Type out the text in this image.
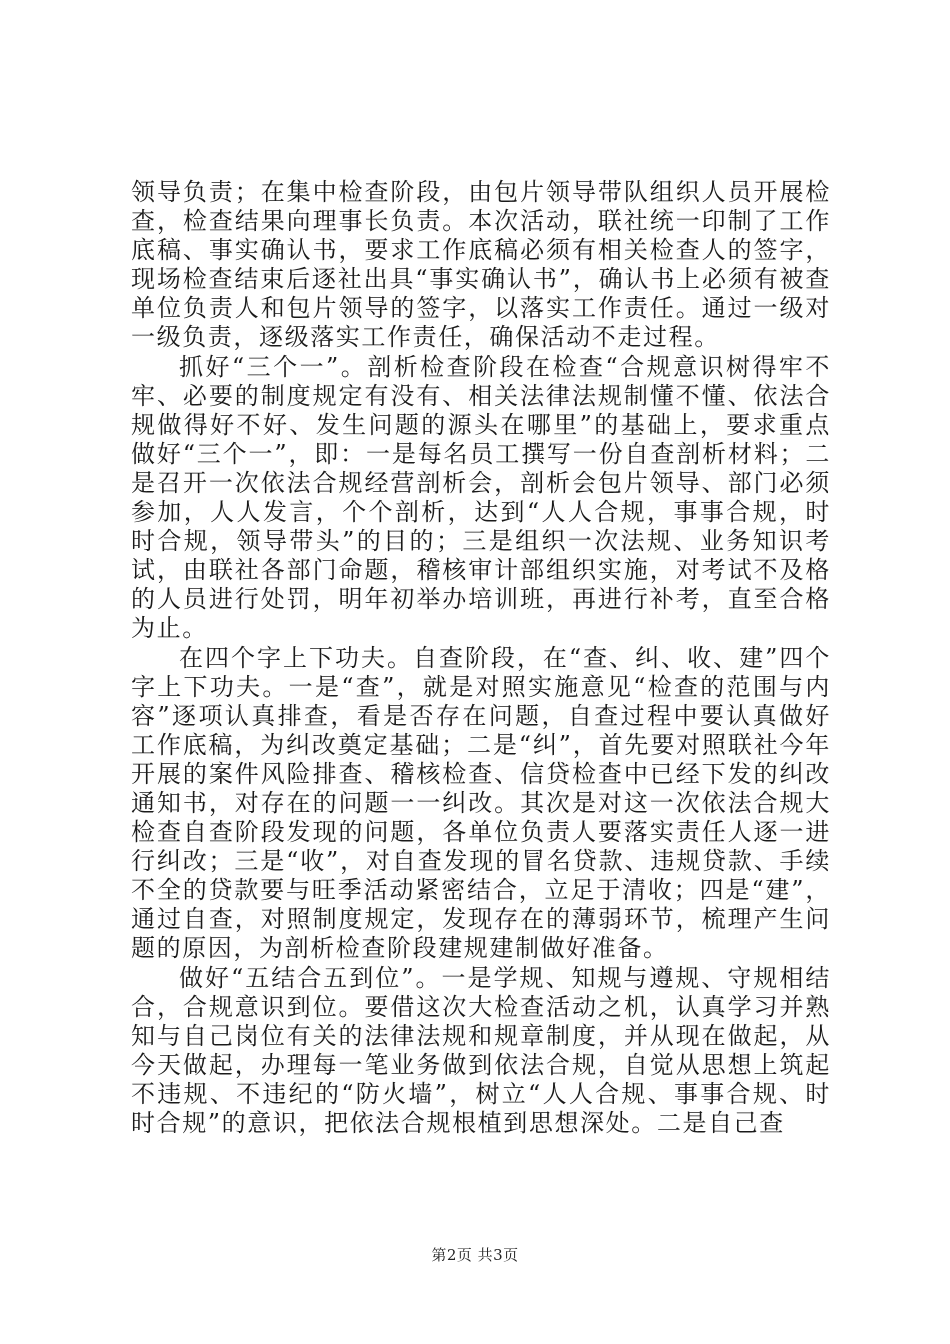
领导负责；在集中检查阶段，由包片领导带队组织人员开展检查，检查结果向理事长负责。本次活动，联社统一印制了工作底稿、事实确认书，要求工作底稿必须有相关检查人的签字，现场检查结束后逐社出具“事实确认书”，确认书上必须有被查单位负责人和包片领导的签字，以落实工作责任。通过一级对一级负责，逐级落实工作责任，确保活动不走过程。

抓好“三个一”。剖析检查阶段在检查“合规意识树得牢不牢、必要的制度规定有没有、相关法律法规制懂不懂、依法合规做得好不好、发生问题的源头在哪里”的基础上，要求重点做好“三个一”，即：一是每名员工撰写一份自查剖析材料；二是召开一次依法合规经营剖析会，剖析会包片领导、部门必须参加，人人发言，个个剖析，达到“人人合规，事事合规，时时合规，领导带头”的目的；三是组织一次法规、业务知识考试，由联社各部门命题，稽核审计部组织实施，对考试不及格的人员进行处罚，明年初举办培训班，再进行补考，直至合格为止。

在四个字上下功夫。自查阶段，在“查、纠、收、建”四个字上下功夫。一是“查”，就是对照实施意见“检查的范围与内容”逐项认真排查，看是否存在问题，自查过程中要认真做好工作底稿，为纠改奠定基础；二是“纠”，首先要对照联社今年开展的案件风险排查、稽核检查、信贷检查中已经下发的纠改通知书，对存在的问题一一纠改。其次是对这一次依法合规大检查自查阶段发现的问题，各单位负责人要落实责任人逐一进行纠改；三是“收”，对自查发现的冒名贷款、违规贷款、手续不全的贷款要与旺季活动紧密结合，立足于清收；四是“建”，通过自查，对照制度规定，发现存在的薄弱环节，梳理产生问题的原因，为剖析检查阶段建规建制做好准备。

做好“五结合五到位”。一是学规、知规与遵规、守规相结合，合规意识到位。要借这次大检查活动之机，认真学习并熟知与自己岗位有关的法律法规和规章制度，并从现在做起，从今天做起，办理每一笔业务做到依法合规，自觉从思想上筑起不违规、不违纪的“防火墙”，树立“人人合规、事事合规、时时合规”的意识，把依法合规根植到思想深处。二是自己查

第2页 共3页
